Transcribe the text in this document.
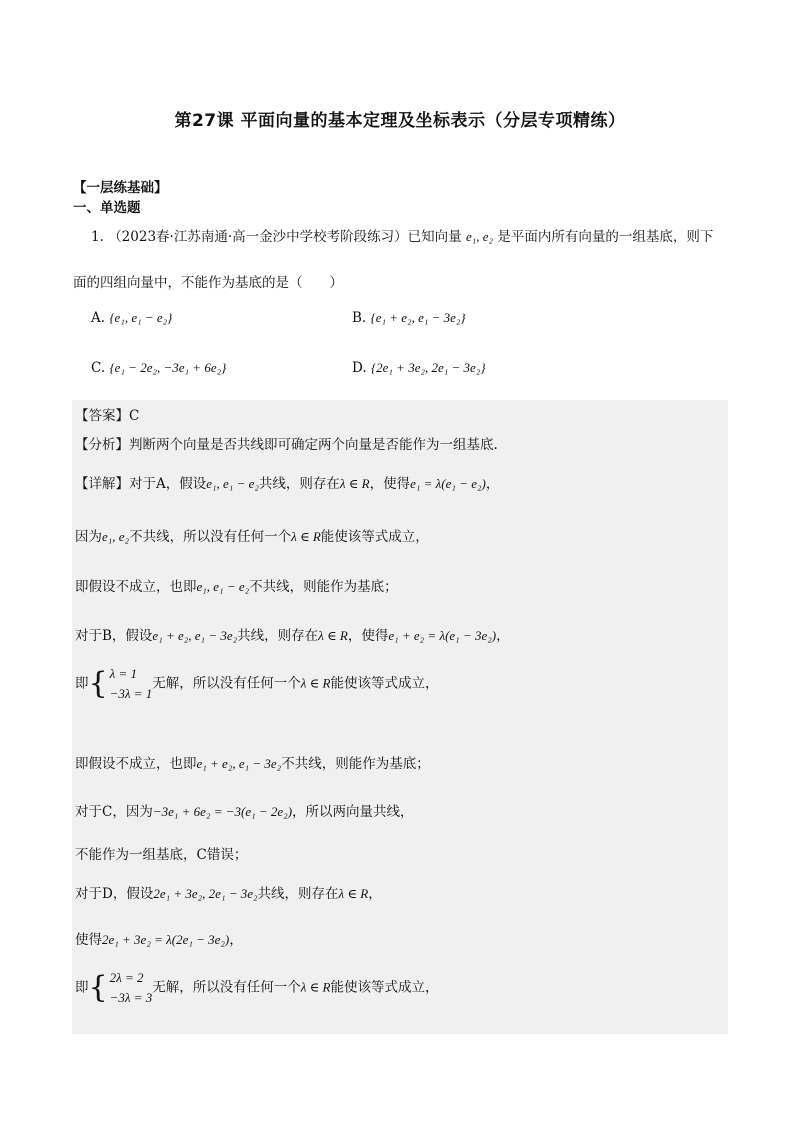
第27课 平面向量的基本定理及坐标表示（分层专项精练）
【一层练基础】
一、单选题
1. （2023春·江苏南通·高一金沙中学校考阶段练习）已知向量 e₁, e₂ 是平面内所有向量的一组基底，则下
面的四组向量中，不能作为基底的是（　　）
A. {e₁, e₁ − e₂}	B. {e₁ + e₂, e₁ − 3e₂}
C. {e₁ − 2e₂, −3e₁ + 6e₂}	D. {2e₁ + 3e₂, 2e₁ − 3e₂}
【答案】C
【分析】判断两个向量是否共线即可确定两个向量是否能作为一组基底.
【详解】对于A，假设e₁, e₁ − e₂共线，则存在λ ∈ R，使得e₁ = λ(e₁ − e₂)，
因为e₁, e₂不共线，所以没有任何一个λ ∈ R能使该等式成立，
即假设不成立，也即e₁, e₁ − e₂不共线，则能作为基底；
对于B，假设e₁ + e₂, e₁ − 3e₂共线，则存在λ ∈ R，使得e₁ + e₂ = λ(e₁ − 3e₂)，
即{ λ = 1
−3λ = 1
无解，所以没有任何一个λ ∈ R能使该等式成立，
即假设不成立，也即e₁ + e₂, e₁ − 3e₂不共线，则能作为基底；
对于C，因为−3e₁ + 6e₂ = −3(e₁ − 2e₂)，所以两向量共线，
不能作为一组基底，C错误；
对于D，假设2e₁ + 3e₂, 2e₁ − 3e₂共线，则存在λ ∈ R，
使得2e₁ + 3e₂ = λ(2e₁ − 3e₂)，
即{ 2λ = 2
−3λ = 3
无解，所以没有任何一个λ ∈ R能使该等式成立，
